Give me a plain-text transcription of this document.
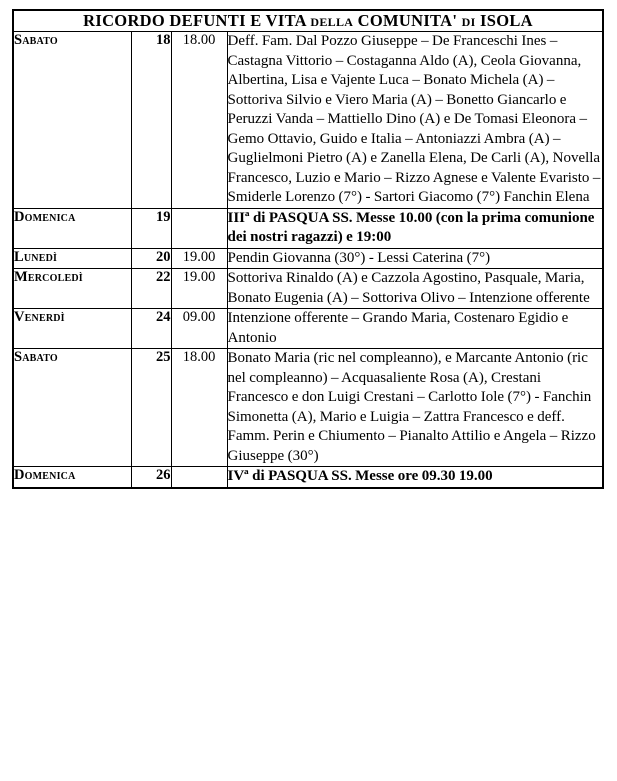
RICORDO DEFUNTI E VITA della COMUNITA' di ISOLA			
Sabato	18	18.00	Deff. Fam. Dal Pozzo Giuseppe – De Franceschi Ines – Castagna Vittorio – Costaganna Aldo (A), Ceola Giovanna, Albertina, Lisa e Vajente Luca – Bonato Michela (A) – Sottoriva Silvio e Viero Maria (A) – Bonetto Giancarlo e Peruzzi Vanda – Mattiello Dino (A) e De Tomasi Eleonora – Gemo Ottavio, Guido e Italia – Antoniazzi Ambra (A) – Guglielmoni Pietro (A) e Zanella Elena, De Carli (A), Novella Francesco, Luzio e Mario – Rizzo Agnese e Valente Evaristo – Smiderle Lorenzo (7°) - Sartori Giacomo (7°) Fanchin Elena
Domenica	19		IIIª di PASQUA SS. Messe 10.00 (con la prima comunione dei nostri ragazzi) e 19:00
Lunedì	20	19.00	Pendin Giovanna (30°) - Lessi Caterina (7°)
Mercoledì	22	19.00	Sottoriva Rinaldo (A) e Cazzola Agostino, Pasquale, Maria, Bonato Eugenia (A) – Sottoriva Olivo – Intenzione offerente
Venerdì	24	09.00	Intenzione offerente – Grando Maria, Costenaro Egidio e Antonio
Sabato	25	18.00	Bonato Maria (ric nel compleanno), e Marcante Antonio (ric nel compleanno) – Acquasaliente Rosa (A), Crestani Francesco e don Luigi Crestani – Carlotto Iole (7°) - Fanchin Simonetta (A), Mario e Luigia – Zattra Francesco e deff. Famm. Perin e Chiumento – Pianalto Attilio e Angela – Rizzo Giuseppe (30°)
Domenica	26		IVª di PASQUA SS. Messe ore 09.30 19.00
